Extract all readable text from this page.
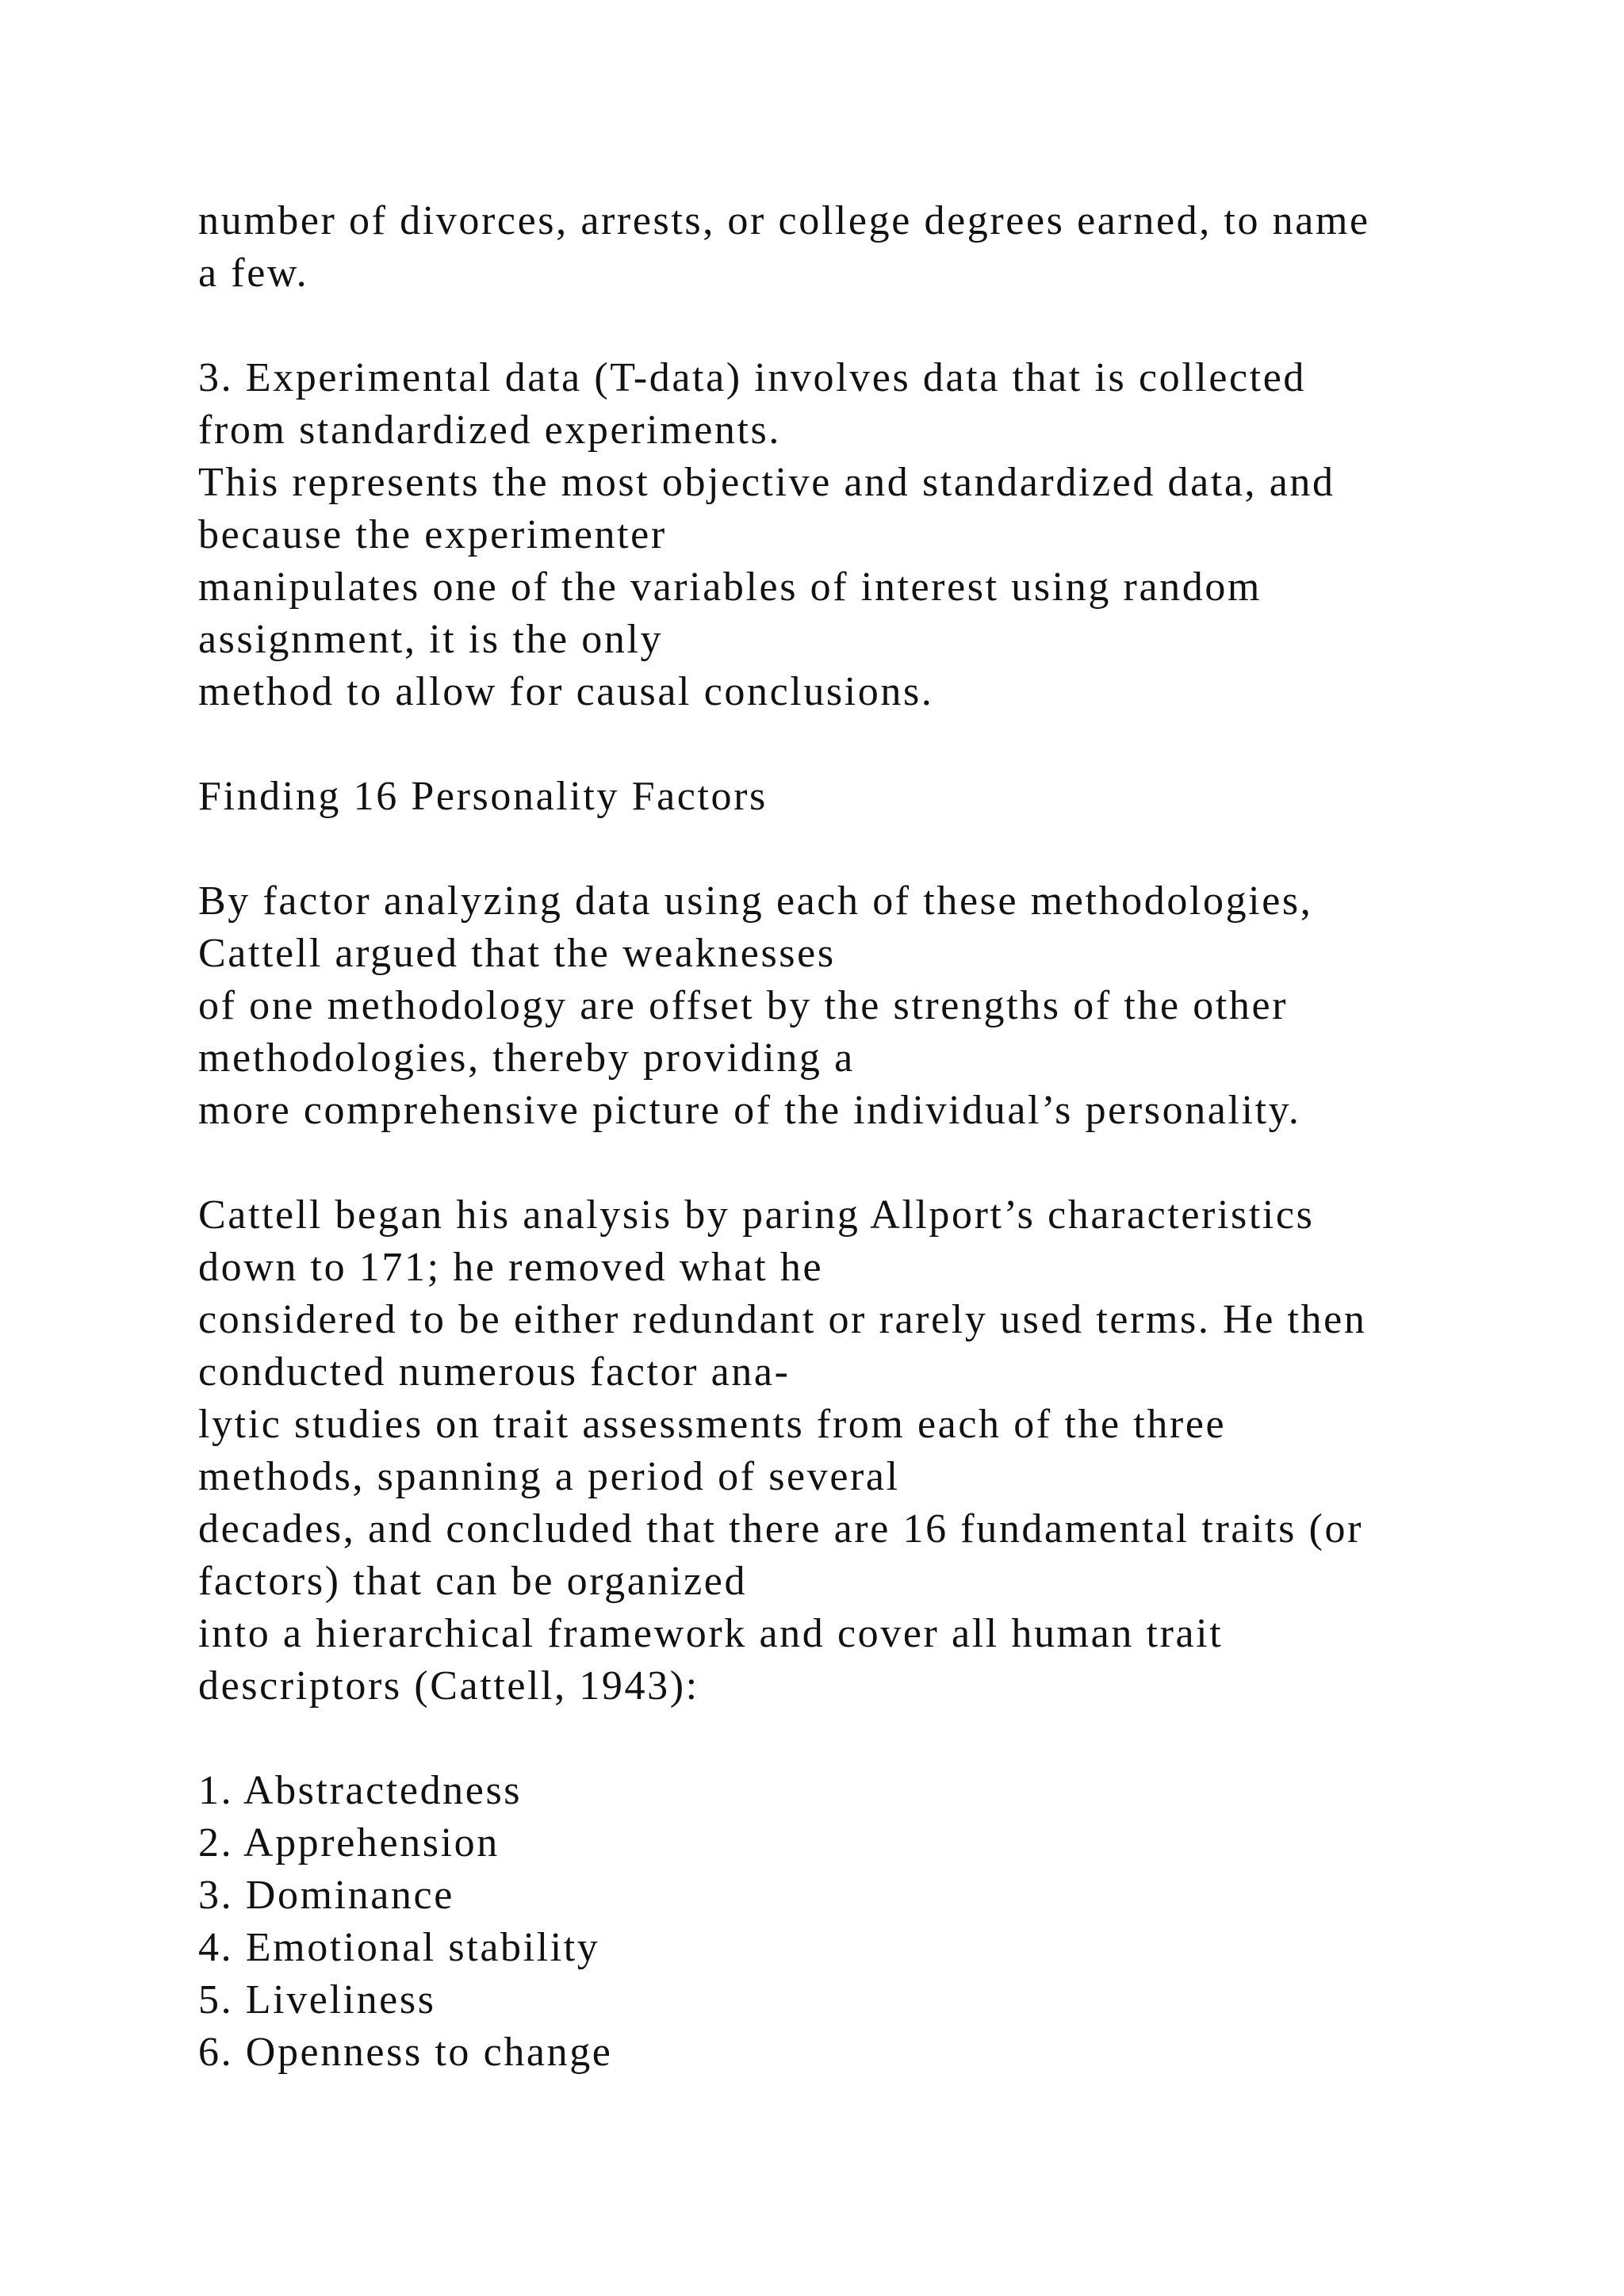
number of divorces, arrests, or college degrees earned, to name
a few.
3. Experimental data (T-data) involves data that is collected
from standardized experiments.
This represents the most objective and standardized data, and
because the experimenter
manipulates one of the variables of interest using random
assignment, it is the only
method to allow for causal conclusions.
Finding 16 Personality Factors
By factor analyzing data using each of these methodologies,
Cattell argued that the weaknesses
of one methodology are offset by the strengths of the other
methodologies, thereby providing a
more comprehensive picture of the individual’s personality.
Cattell began his analysis by paring Allport’s characteristics
down to 171; he removed what he
considered to be either redundant or rarely used terms. He then
conducted numerous factor ana-
lytic studies on trait assessments from each of the three
methods, spanning a period of several
decades, and concluded that there are 16 fundamental traits (or
factors) that can be organized
into a hierarchical framework and cover all human trait
descriptors (Cattell, 1943):
1. Abstractedness
2. Apprehension
3. Dominance
4. Emotional stability
5. Liveliness
6. Openness to change
